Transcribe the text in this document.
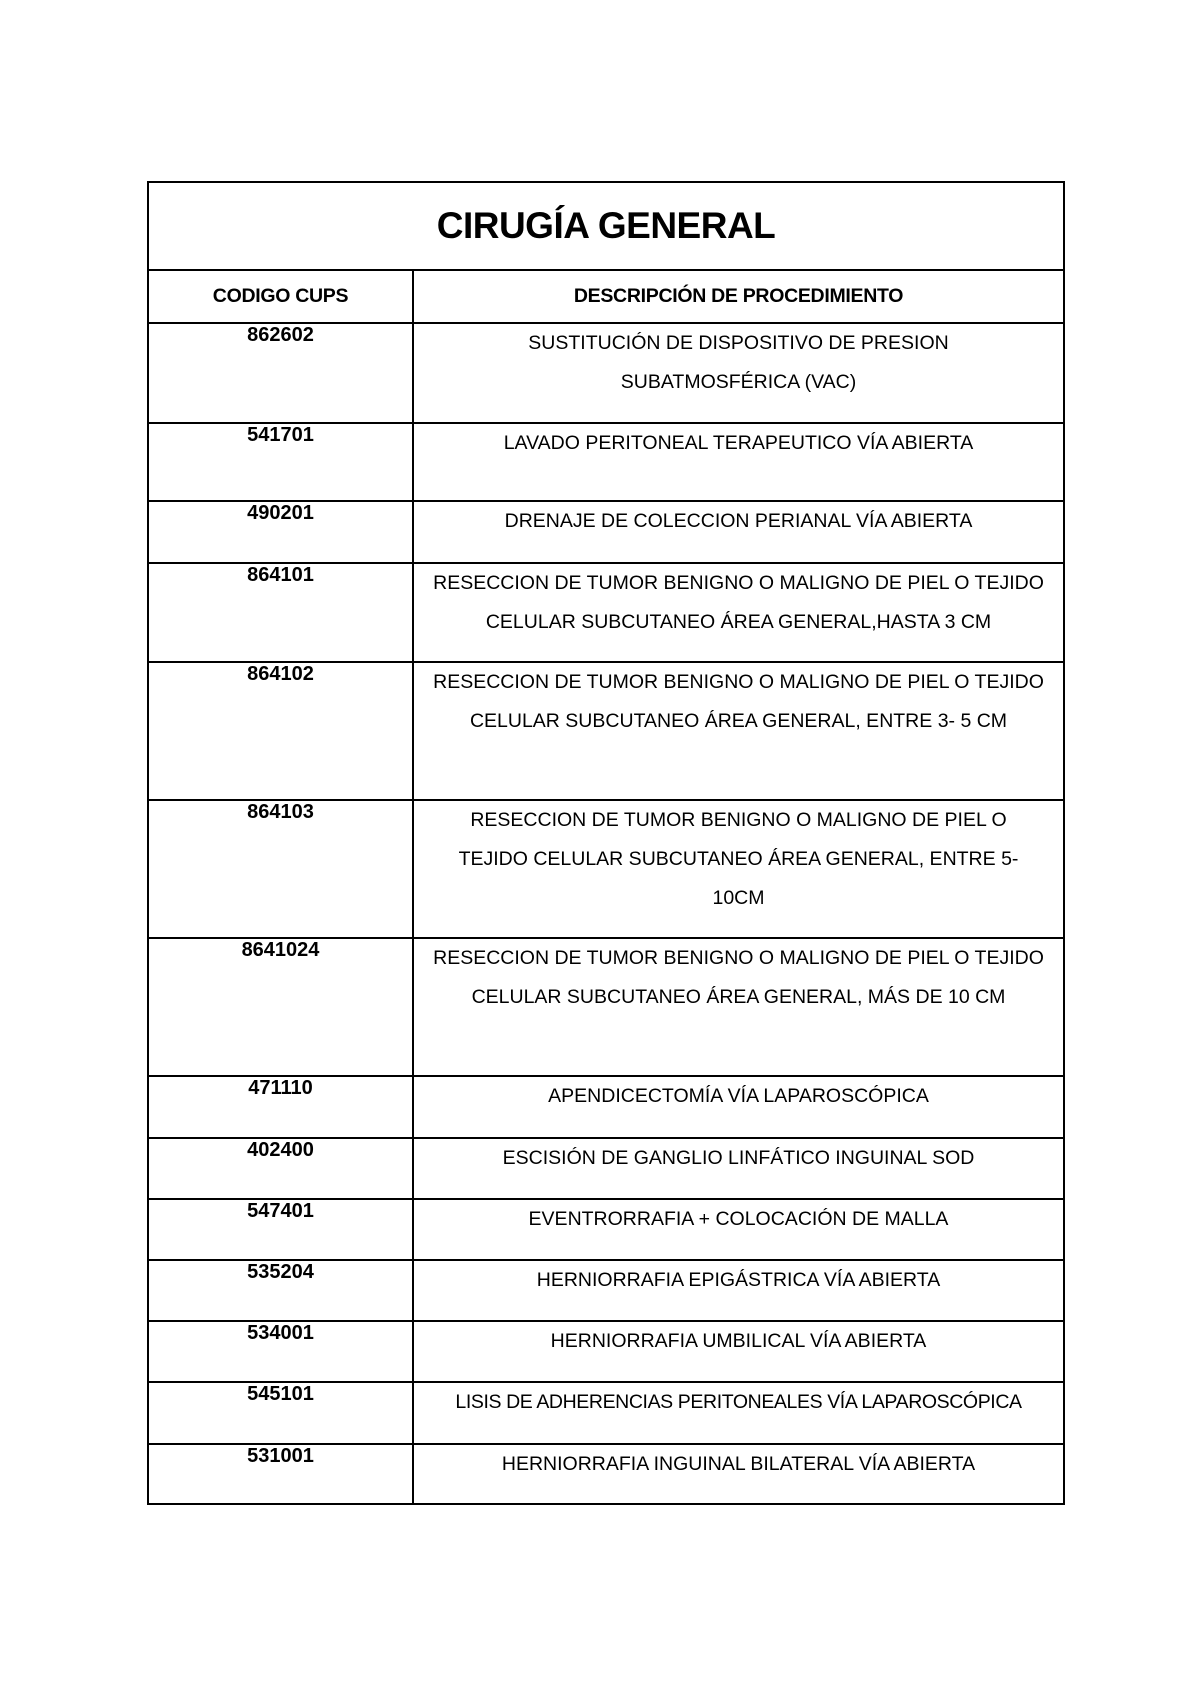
CIRUGÍA GENERAL	
CODIGO CUPS	DESCRIPCIÓN DE PROCEDIMIENTO
862602	SUSTITUCIÓN DE DISPOSITIVO DE PRESION SUBATMOSFÉRICA (VAC)
541701	LAVADO PERITONEAL TERAPEUTICO VÍA ABIERTA
490201	DRENAJE DE COLECCION PERIANAL VÍA ABIERTA
864101	RESECCION DE TUMOR BENIGNO O MALIGNO DE PIEL O TEJIDO CELULAR SUBCUTANEO ÁREA GENERAL,HASTA 3 CM
864102	RESECCION DE TUMOR BENIGNO O MALIGNO DE PIEL O TEJIDO CELULAR SUBCUTANEO ÁREA GENERAL, ENTRE 3- 5 CM
864103	RESECCION DE TUMOR BENIGNO O MALIGNO DE PIEL O TEJIDO CELULAR SUBCUTANEO ÁREA GENERAL, ENTRE 5-10CM
8641024	RESECCION DE TUMOR BENIGNO O MALIGNO DE PIEL O TEJIDO CELULAR SUBCUTANEO ÁREA GENERAL, MÁS DE 10 CM
471110	APENDICECTOMÍA VÍA LAPAROSCÓPICA
402400	ESCISIÓN DE GANGLIO LINFÁTICO INGUINAL SOD
547401	EVENTRORRAFIA + COLOCACIÓN DE MALLA
535204	HERNIORRAFIA EPIGÁSTRICA VÍA ABIERTA
534001	HERNIORRAFIA UMBILICAL VÍA ABIERTA
545101	LISIS DE ADHERENCIAS PERITONEALES VÍA LAPAROSCÓPICA
531001	HERNIORRAFIA INGUINAL BILATERAL VÍA ABIERTA
